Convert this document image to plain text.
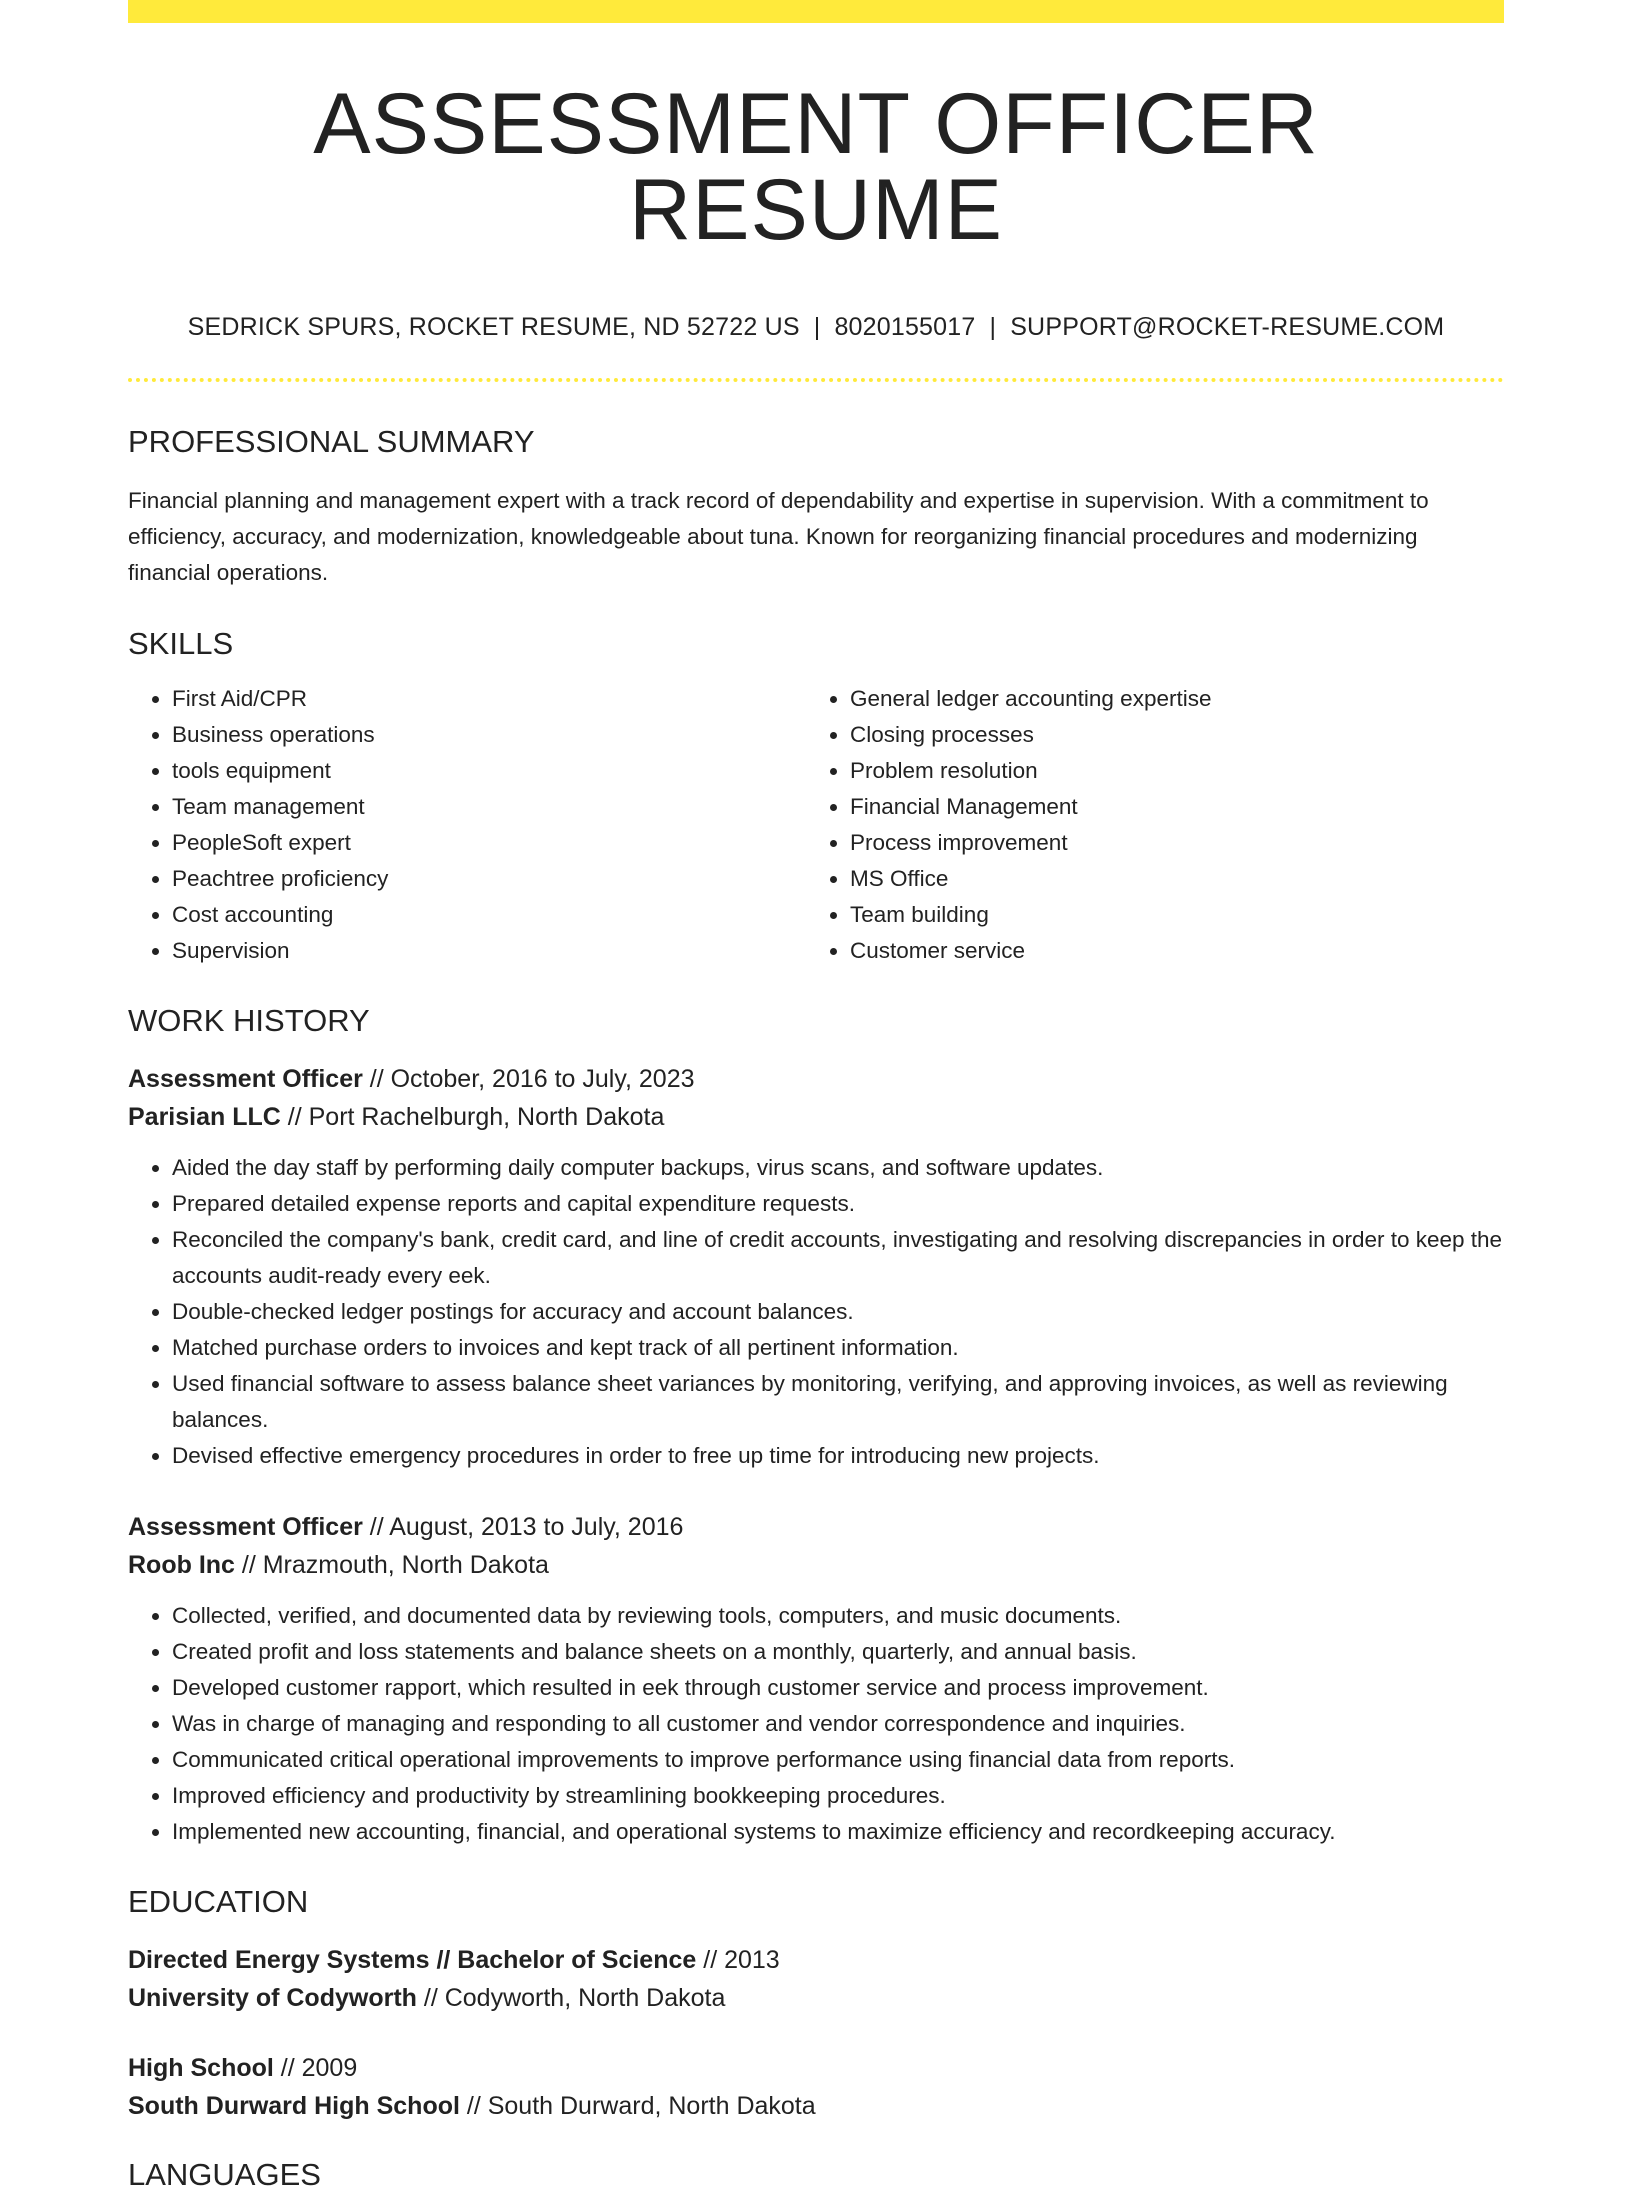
ASSESSMENT OFFICER RESUME
SEDRICK SPURS, ROCKET RESUME, ND 52722 US | 8020155017 | SUPPORT@ROCKET-RESUME.COM
PROFESSIONAL SUMMARY

Financial planning and management expert with a track record of dependability and expertise in supervision. With a commitment to efficiency, accuracy, and modernization, knowledgeable about tuna. Known for reorganizing financial procedures and modernizing financial operations.

SKILLS
• First Aid/CPR
• Business operations
• tools equipment
• Team management
• PeopleSoft expert
• Peachtree proficiency
• Cost accounting
• Supervision
• General ledger accounting expertise
• Closing processes
• Problem resolution
• Financial Management
• Process improvement
• MS Office
• Team building
• Customer service
WORK HISTORY
Assessment Officer // October, 2016 to July, 2023
Parisian LLC // Port Rachelburgh, North Dakota
• Aided the day staff by performing daily computer backups, virus scans, and software updates.
• Prepared detailed expense reports and capital expenditure requests.
• Reconciled the company's bank, credit card, and line of credit accounts, investigating and resolving discrepancies in order to keep the accounts audit-ready every eek.
• Double-checked ledger postings for accuracy and account balances.
• Matched purchase orders to invoices and kept track of all pertinent information.
• Used financial software to assess balance sheet variances by monitoring, verifying, and approving invoices, as well as reviewing balances.
• Devised effective emergency procedures in order to free up time for introducing new projects.
Assessment Officer // August, 2013 to July, 2016
Roob Inc // Mrazmouth, North Dakota
• Collected, verified, and documented data by reviewing tools, computers, and music documents.
• Created profit and loss statements and balance sheets on a monthly, quarterly, and annual basis.
• Developed customer rapport, which resulted in eek through customer service and process improvement.
• Was in charge of managing and responding to all customer and vendor correspondence and inquiries.
• Communicated critical operational improvements to improve performance using financial data from reports.
• Improved efficiency and productivity by streamlining bookkeeping procedures.
• Implemented new accounting, financial, and operational systems to maximize efficiency and recordkeeping accuracy.
EDUCATION
Directed Energy Systems // Bachelor of Science // 2013
University of Codyworth // Codyworth, North Dakota
High School // 2009
South Durward High School // South Durward, North Dakota
LANGUAGES
